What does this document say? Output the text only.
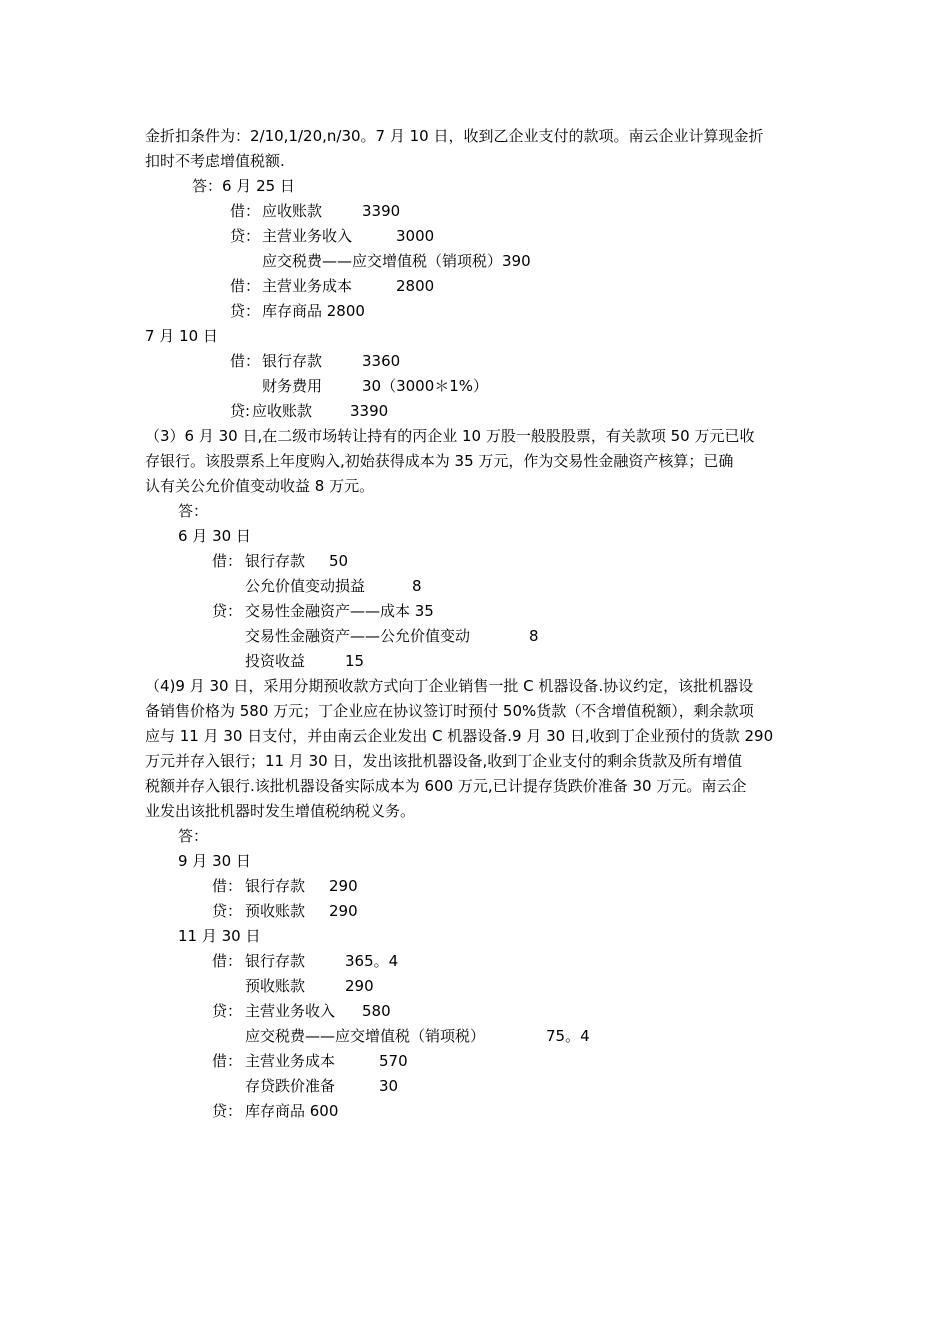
金折扣条件为：2/10,1/20,n/30。7 月 10 日，收到乙企业支付的款项。南云企业计算现金折
扣时不考虑增值税额.
答：6 月 25 日
借： 应收账款	3390
贷： 主营业务收入	3000
应交税费——应交增值税（销项税）390
借： 主营业务成本	2800
贷： 库存商品 2800
7 月 10 日
借： 银行存款	3360
财务费用	30（3000＊1%）
贷: 应收账款	3390
（3）6 月 30 日,在二级市场转让持有的丙企业 10 万股一般股股票，有关款项 50 万元已收
存银行。该股票系上年度购入,初始获得成本为 35 万元，作为交易性金融资产核算；已确
认有关公允价值变动收益 8 万元。
答：
6 月 30 日
借： 银行存款 50
公允价值变动损益	8
贷： 交易性金融资产——成本 35
交易性金融资产——公允价值变动	8
投资收益	15
（4)9 月 30 日，采用分期预收款方式向丁企业销售一批 C 机器设备.协议约定，该批机器设
备销售价格为 580 万元；丁企业应在协议签订时预付 50%货款（不含增值税额），剩余款项
应与 11 月 30 日支付，并由南云企业发出 C 机器设备.9 月 30 日,收到丁企业预付的货款 290
万元并存入银行；11 月 30 日，发出该批机器设备,收到丁企业支付的剩余货款及所有增值
税额并存入银行.该批机器设备实际成本为 600 万元,已计提存货跌价准备 30 万元。南云企
业发出该批机器时发生增值税纳税义务。
答：
9 月 30 日
借： 银行存款 290
贷： 预收账款 290
11 月 30 日
借： 银行存款	365。4
预收账款	290
贷： 主营业务收入 580
应交税费——应交增值税（销项税）	75。4
借： 主营业务成本	570
存贷跌价准备	30
贷： 库存商品 600
